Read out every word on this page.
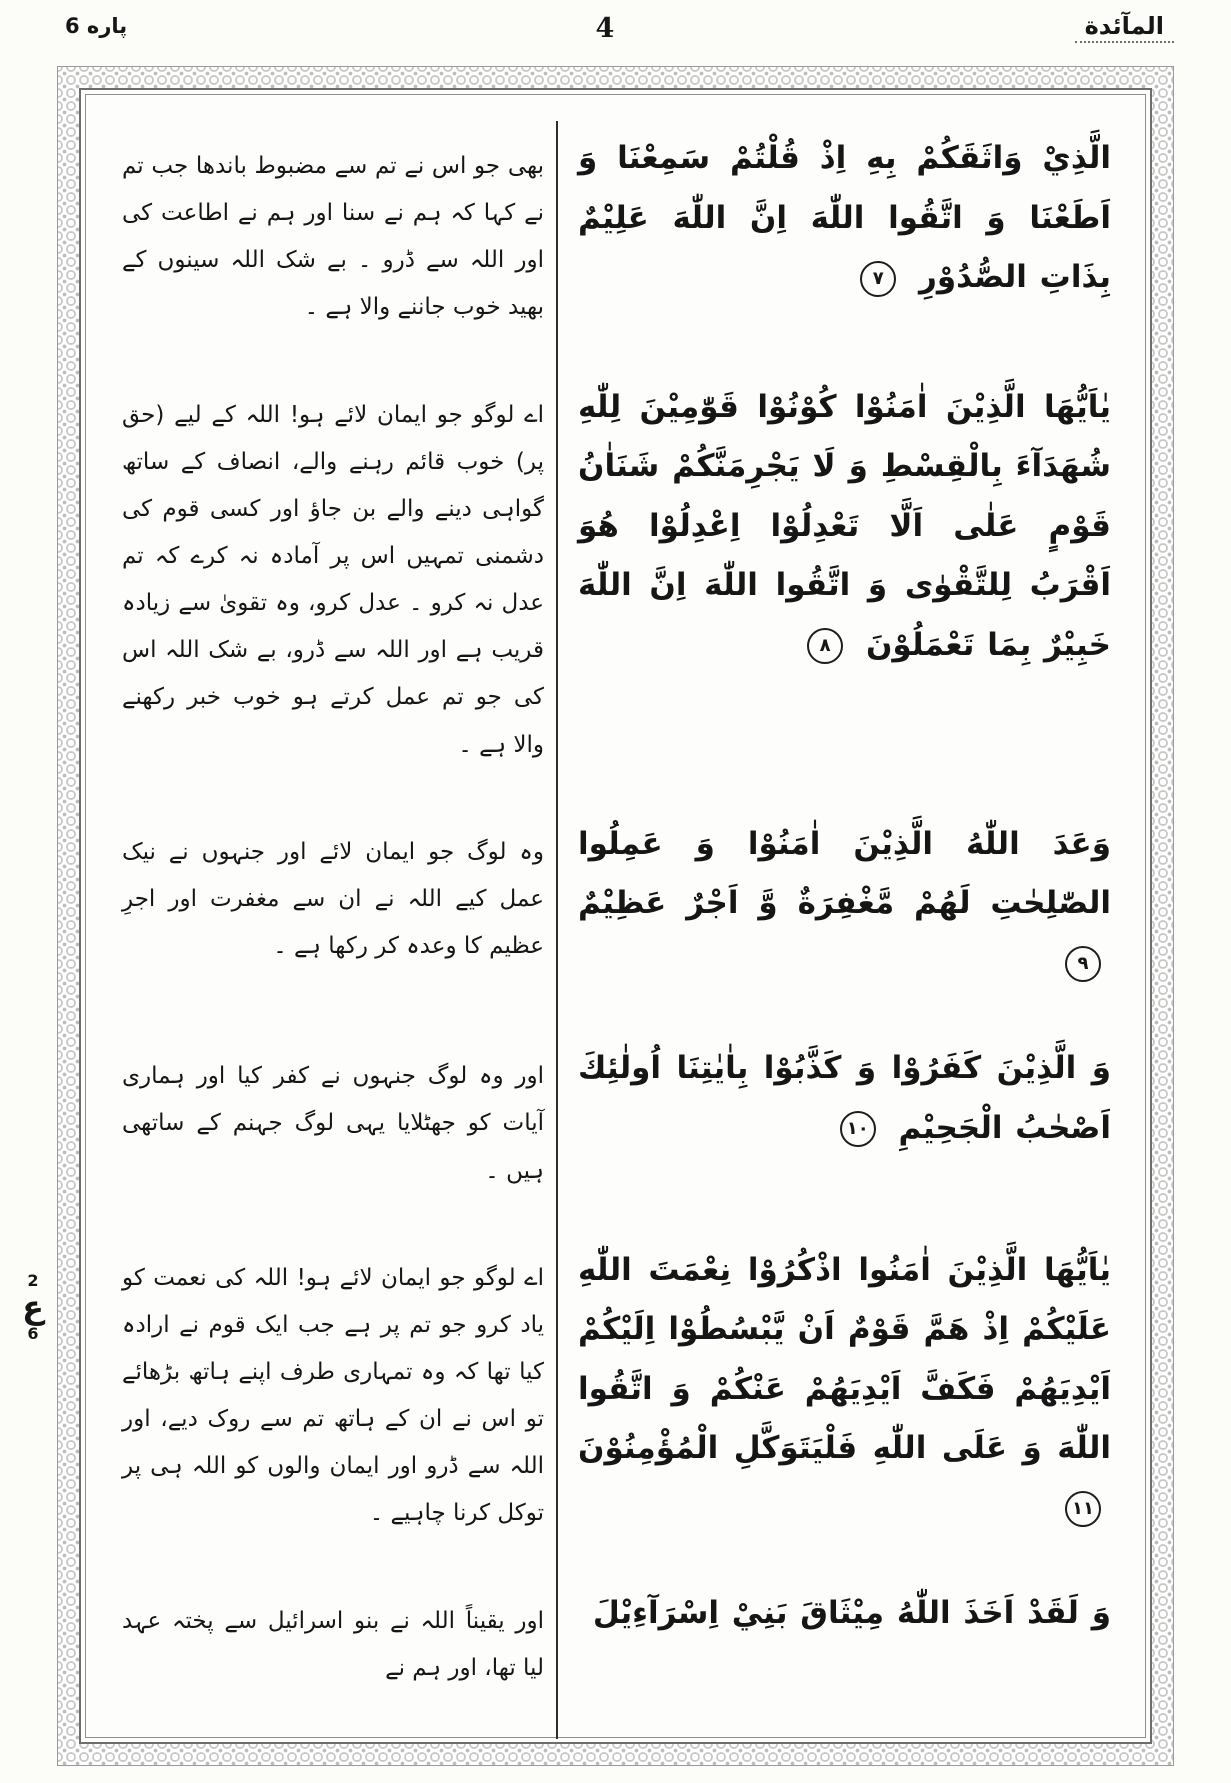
پاره 6	4	المآئدة
2
ع
6

بھی جو اس نے تم سے مضبوط باندھا جب تم نے کہا کہ ہم نے سنا اور ہم نے اطاعت کی اور اللہ سے ڈرو ۔ بے شک اللہ سینوں کے بھید خوب جاننے والا ہے ۔

الَّذِيْ وَاثَقَكُمْ بِهِ اِذْ قُلْتُمْ سَمِعْنَا وَ اَطَعْنَا وَ اتَّقُوا اللّٰهَ اِنَّ اللّٰهَ عَلِيْمٌ بِذَاتِ الصُّدُوْرِ ۷

اے لوگو جو ایمان لائے ہو! اللہ کے لیے (حق پر) خوب قائم رہنے والے، انصاف کے ساتھ گواہی دینے والے بن جاؤ اور کسی قوم کی دشمنی تمہیں اس پر آمادہ نہ کرے کہ تم عدل نہ کرو ۔ عدل کرو، وہ تقویٰ سے زیادہ قریب ہے اور اللہ سے ڈرو، بے شک اللہ اس کی جو تم عمل کرتے ہو خوب خبر رکھنے والا ہے ۔

يٰاَيُّهَا الَّذِيْنَ اٰمَنُوْا كُوْنُوْا قَوّٰمِيْنَ لِلّٰهِ شُهَدَآءَ بِالْقِسْطِ وَ لَا يَجْرِمَنَّكُمْ شَنَاٰنُ قَوْمٍ عَلٰى اَلَّا تَعْدِلُوْا اِعْدِلُوْا هُوَ اَقْرَبُ لِلتَّقْوٰى وَ اتَّقُوا اللّٰهَ اِنَّ اللّٰهَ خَبِيْرٌ بِمَا تَعْمَلُوْنَ ۸

وہ لوگ جو ایمان لائے اور جنہوں نے نیک عمل کیے اللہ نے ان سے مغفرت اور اجرِ عظیم کا وعدہ کر رکھا ہے ۔

وَعَدَ اللّٰهُ الَّذِيْنَ اٰمَنُوْا وَ عَمِلُوا الصّٰلِحٰتِ لَهُمْ مَّغْفِرَةٌ وَّ اَجْرٌ عَظِيْمٌ ۹

اور وہ لوگ جنہوں نے کفر کیا اور ہماری آیات کو جھٹلایا یہی لوگ جہنم کے ساتھی ہیں ۔

وَ الَّذِيْنَ كَفَرُوْا وَ كَذَّبُوْا بِاٰيٰتِنَا اُولٰئِكَ اَصْحٰبُ الْجَحِيْمِ ۱۰

اے لوگو جو ایمان لائے ہو! اللہ کی نعمت کو یاد کرو جو تم پر ہے جب ایک قوم نے ارادہ کیا تھا کہ وہ تمہاری طرف اپنے ہاتھ بڑھائے تو اس نے ان کے ہاتھ تم سے روک دیے، اور اللہ سے ڈرو اور ایمان والوں کو اللہ ہی پر توکل کرنا چاہیے ۔

يٰاَيُّهَا الَّذِيْنَ اٰمَنُوا اذْكُرُوْا نِعْمَتَ اللّٰهِ عَلَيْكُمْ اِذْ هَمَّ قَوْمٌ اَنْ يَّبْسُطُوْا اِلَيْكُمْ اَيْدِيَهُمْ فَكَفَّ اَيْدِيَهُمْ عَنْكُمْ وَ اتَّقُوا اللّٰهَ وَ عَلَى اللّٰهِ فَلْيَتَوَكَّلِ الْمُؤْمِنُوْنَ ۱۱

اور یقیناً اللہ نے بنو اسرائیل سے پختہ عہد لیا تھا، اور ہم نے

وَ لَقَدْ اَخَذَ اللّٰهُ مِيْثَاقَ بَنِيْ اِسْرَآءِيْلَ
